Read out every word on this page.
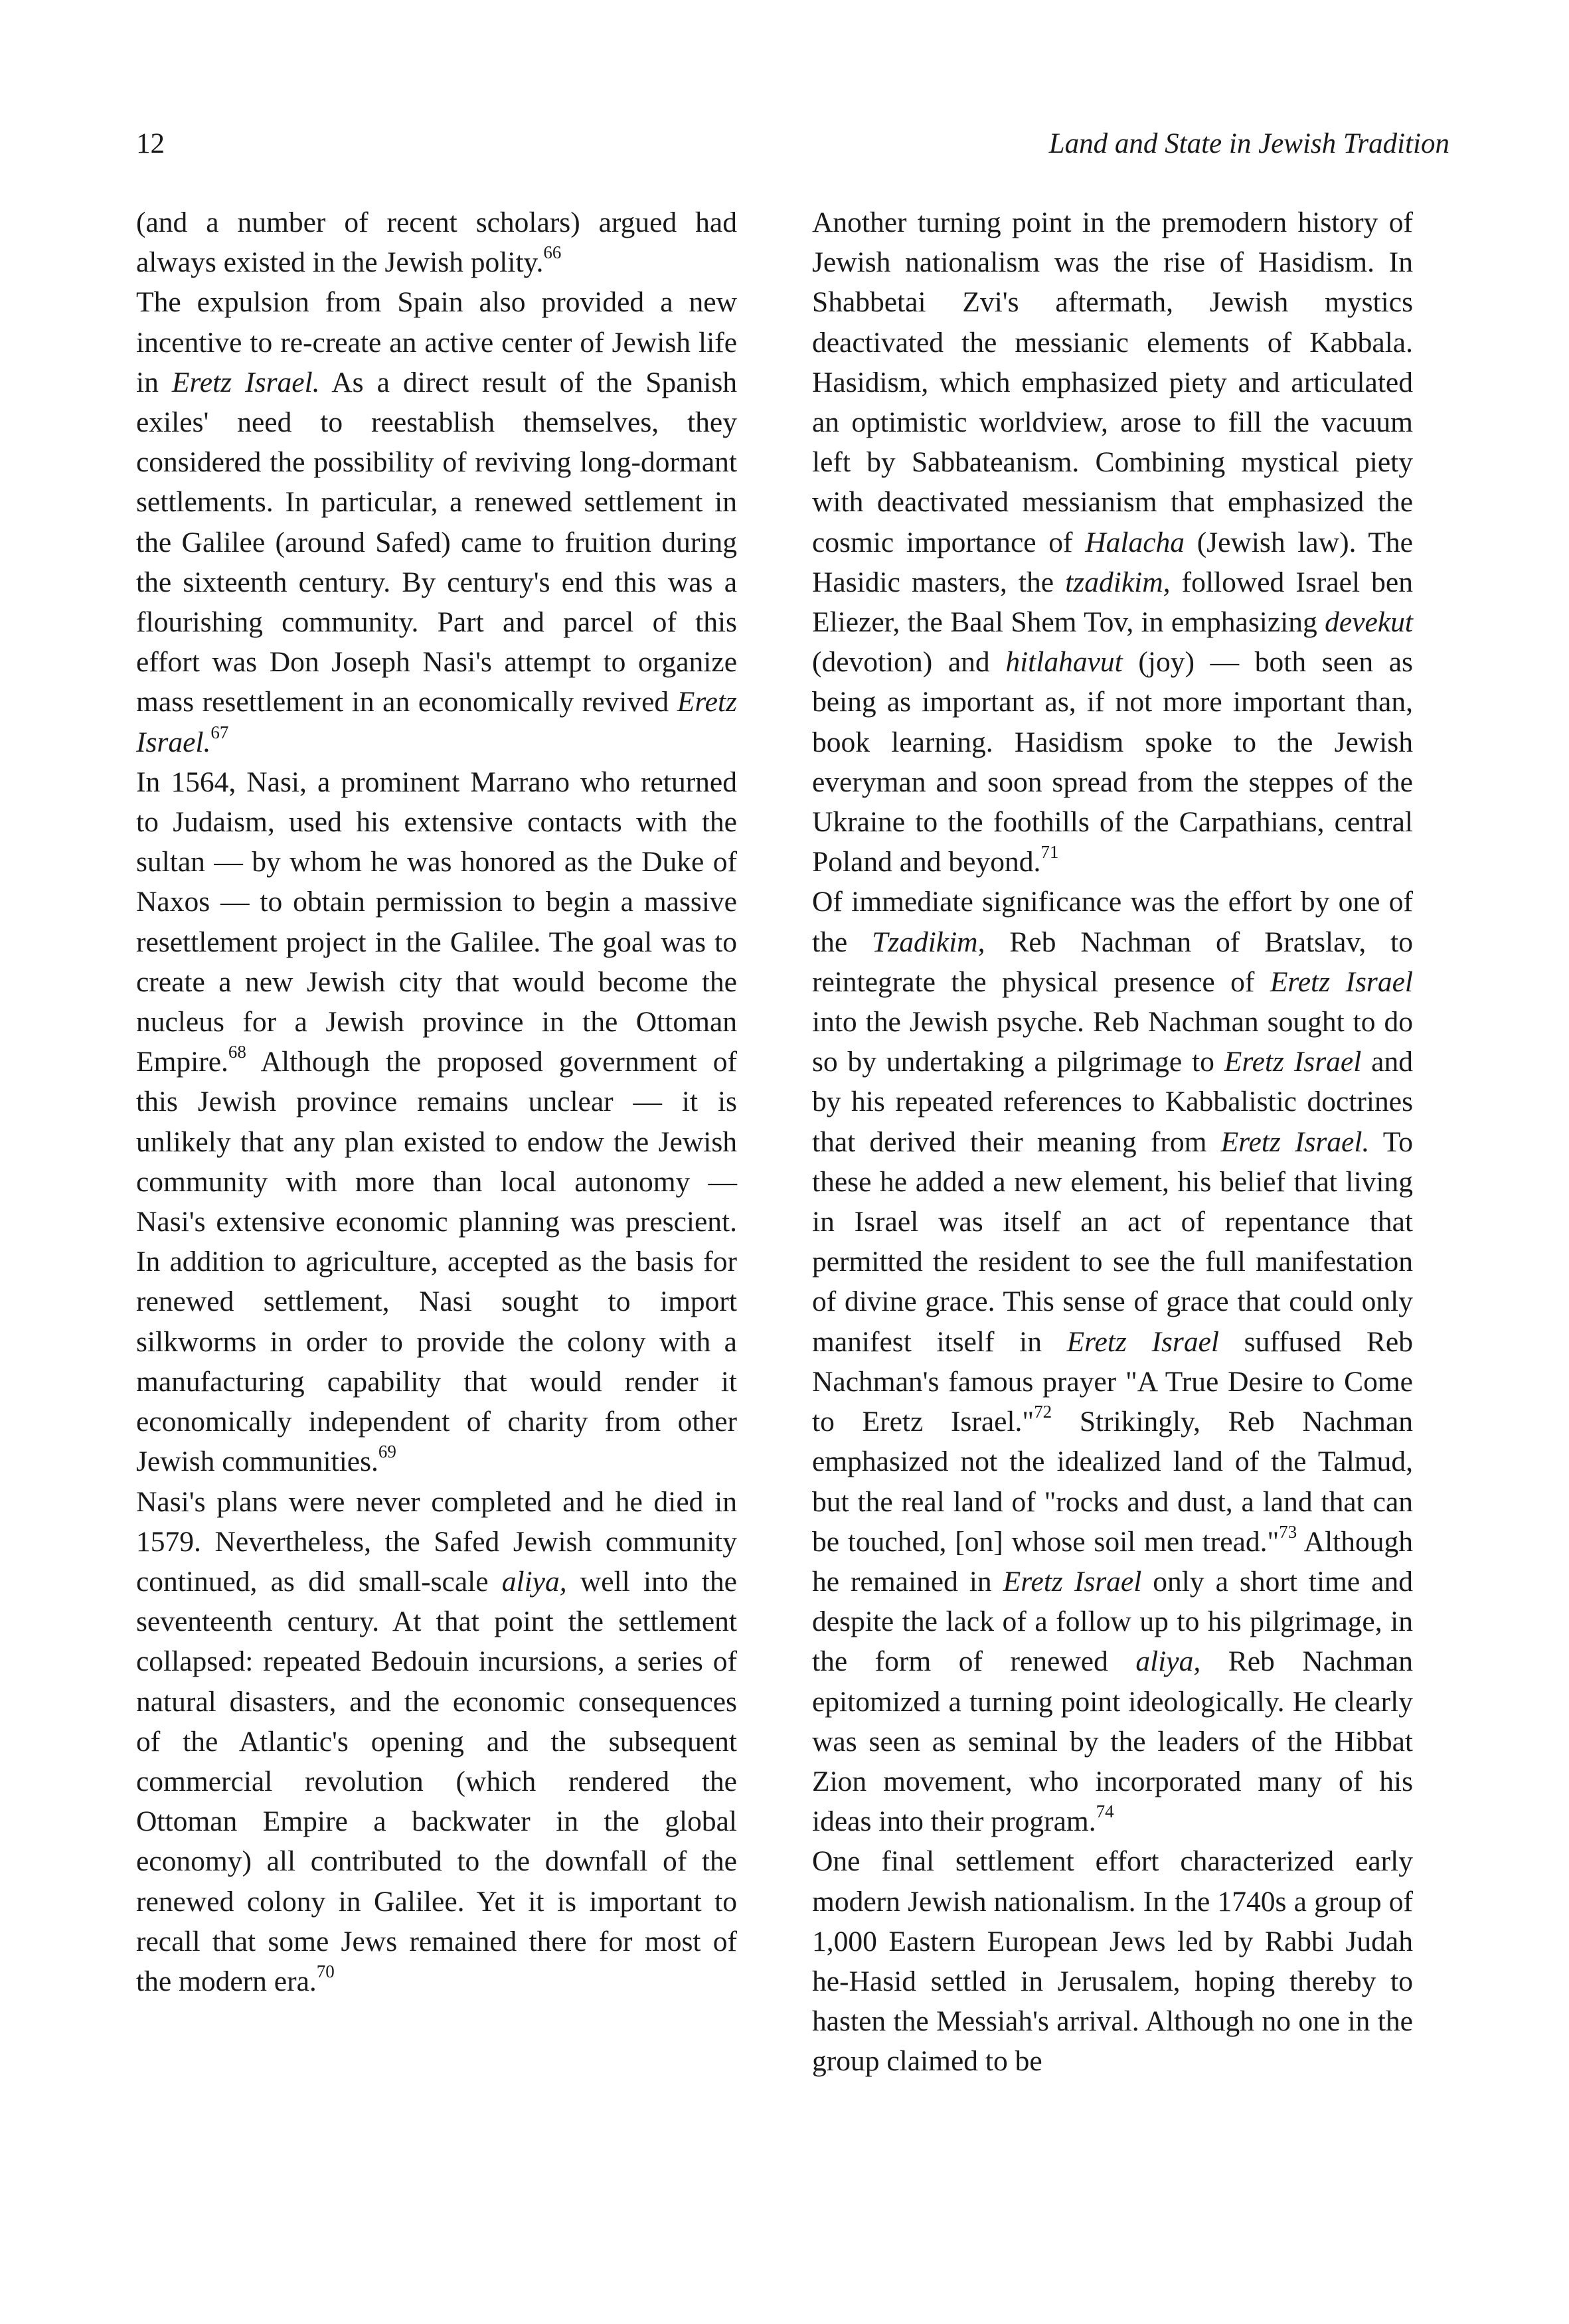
12	Land and State in Jewish Tradition

(and a number of recent scholars) argued had always existed in the Jewish polity.$^{66}$

The expulsion from Spain also provided a new incentive to re-create an active center of Jewish life in Eretz Israel. As a direct result of the Spanish exiles' need to reestablish themselves, they considered the possibility of reviving long-dormant settlements. In particular, a renewed settlement in the Galilee (around Safed) came to fruition during the sixteenth century. By century's end this was a flourishing community. Part and parcel of this effort was Don Joseph Nasi's attempt to organize mass resettlement in an economically revived Eretz Israel.$^{67}$

In 1564, Nasi, a prominent Marrano who returned to Judaism, used his extensive contacts with the sultan — by whom he was honored as the Duke of Naxos — to obtain permission to begin a massive resettlement project in the Galilee. The goal was to create a new Jewish city that would become the nucleus for a Jewish province in the Ottoman Empire.$^{68}$ Although the proposed government of this Jewish province remains unclear — it is unlikely that any plan existed to endow the Jewish community with more than local autonomy — Nasi's extensive economic planning was prescient. In addition to agriculture, accepted as the basis for renewed settlement, Nasi sought to import silkworms in order to provide the colony with a manufacturing capability that would render it economically independent of charity from other Jewish communities.$^{69}$

Nasi's plans were never completed and he died in 1579. Nevertheless, the Safed Jewish community continued, as did small-scale aliya, well into the seventeenth century. At that point the settlement collapsed: repeated Bedouin incursions, a series of natural disasters, and the economic consequences of the Atlantic's opening and the subsequent commercial revolution (which rendered the Ottoman Empire a backwater in the global economy) all contributed to the downfall of the renewed colony in Galilee. Yet it is important to recall that some Jews remained there for most of the modern era.$^{70}$

Another turning point in the premodern history of Jewish nationalism was the rise of Hasidism. In Shabbetai Zvi's aftermath, Jewish mystics deactivated the messianic elements of Kabbala. Hasidism, which emphasized piety and articulated an optimistic worldview, arose to fill the vacuum left by Sabbateanism. Combining mystical piety with deactivated messianism that emphasized the cosmic importance of Halacha (Jewish law). The Hasidic masters, the tzadikim, followed Israel ben Eliezer, the Baal Shem Tov, in emphasizing devekut (devotion) and hitlahavut (joy) — both seen as being as important as, if not more important than, book learning. Hasidism spoke to the Jewish everyman and soon spread from the steppes of the Ukraine to the foothills of the Carpathians, central Poland and beyond.$^{71}$

Of immediate significance was the effort by one of the Tzadikim, Reb Nachman of Bratslav, to reintegrate the physical presence of Eretz Israel into the Jewish psyche. Reb Nachman sought to do so by undertaking a pilgrimage to Eretz Israel and by his repeated references to Kabbalistic doctrines that derived their meaning from Eretz Israel. To these he added a new element, his belief that living in Israel was itself an act of repentance that permitted the resident to see the full manifestation of divine grace. This sense of grace that could only manifest itself in Eretz Israel suffused Reb Nachman's famous prayer "A True Desire to Come to Eretz Israel."$^{72}$ Strikingly, Reb Nachman emphasized not the idealized land of the Talmud, but the real land of "rocks and dust, a land that can be touched, [on] whose soil men tread."$^{73}$ Although he remained in Eretz Israel only a short time and despite the lack of a follow up to his pilgrimage, in the form of renewed aliya, Reb Nachman epitomized a turning point ideologically. He clearly was seen as seminal by the leaders of the Hibbat Zion movement, who incorporated many of his ideas into their program.$^{74}$

One final settlement effort characterized early modern Jewish nationalism. In the 1740s a group of 1,000 Eastern European Jews led by Rabbi Judah he-Hasid settled in Jerusalem, hoping thereby to hasten the Messiah's arrival. Although no one in the group claimed to be
